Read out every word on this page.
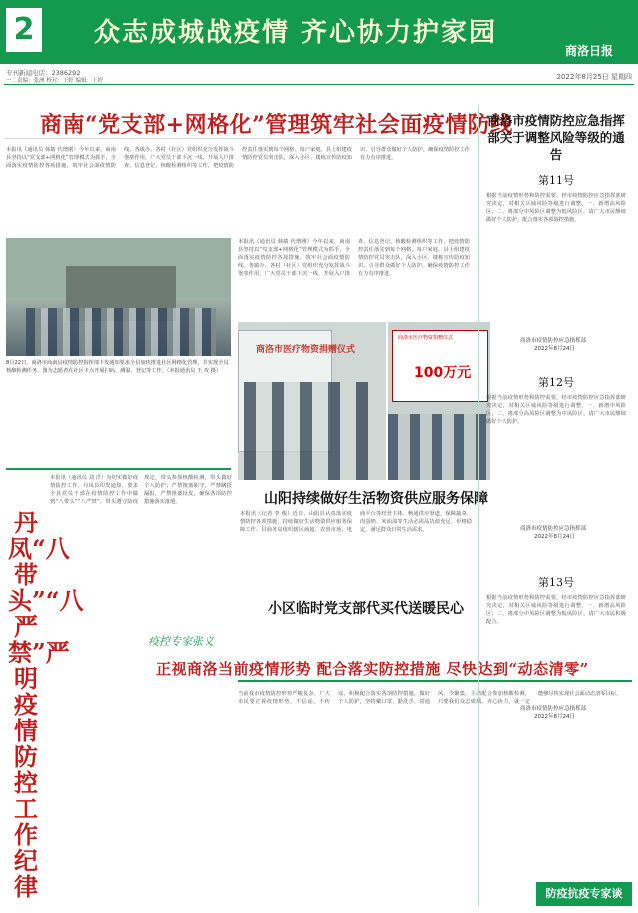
2 众志成城战疫情 齐心协力护家园
商洛日报
专刊新闻电话：2386292
一二责编：张洲 校对：王婷 编辑：王婷	2022年8月25日 星期四
商南“党支部+网格化”管理筑牢社会面疫情防线
本报讯（通讯员 韩婧 代增刚）今年以来，商南县坚持以“党支部+网格化”管理模式为抓手，全面落实疫情防控各项措施，筑牢社会面疫情防线。各镇办、各村（社区）党组织充分发挥战斗堡垒作用，广大党员干部下沉一线，开展入户排查、信息登记、核酸检测组织等工作，把疫情防控责任落实到每个网格、每户家庭。县上组建疫情防控党员突击队，深入小区、楼栋宣传防疫知识，引导群众做好个人防护，确保疫情防控工作有力有序推进。
8月22日，商洛市商南县疫情防控指挥部下发通知要求全县加快推进社区网格化管理，并实现全员核酸检测任务。图为志愿者在社区卡点开展扫码、测温、登记等工作。（本报通讯员 王 攻 摄）
本报讯（通讯员 韩婧 代增刚）今年以来，商南县坚持以“党支部+网格化”管理模式为抓手，全面落实疫情防控各项措施，筑牢社会面疫情防线。各镇办、各村（社区）党组织充分发挥战斗堡垒作用，广大党员干部下沉一线，开展入户排查、信息登记、核酸检测组织等工作，把疫情防控责任落实到每个网格、每户家庭。县上组建疫情防控党员突击队，深入小区、楼栋宣传防疫知识，引导群众做好个人防护，确保疫情防控工作有力有序推进。
商洛市医疗物资捐赠仪式
商洛市医疗物资捐赠仪式
100万元
丹凤“八带头”“八严禁”严明疫情防控工作纪律
本报讯（通讯员 刘 洋）为切实做好疫情防控工作，丹凤县印发通知，要求全县党员干部在疫情防控工作中做到“八带头”“八严禁”，带头遵守防疫规定，带头参加核酸检测，带头做好个人防护；严禁擅离职守，严禁瞒报漏报，严禁推诿扯皮，确保各项防控措施落实落地。	山阳持续做好生活物资供应服务保障
本报讯（记者 李 俊）近日，山阳县认真落实疫情防控各项措施，持续做好生活物资供应服务保障工作。县商务局组织辖区商超、农贸市场、电商平台等经营主体，畅通供应渠道，保障蔬菜、肉蛋奶、米面油等生活必需品货源充足、价格稳定，满足群众日常生活需求。
小区临时党支部代买代送暖民心
疫控专家张义
正视商洛当前疫情形势 配合落实防控措施 尽快达到“动态清零”
当前我市疫情防控形势严峻复杂，广大市民要正视疫情形势，不信谣、不传谣，积极配合落实各项防控措施，做好个人防护，坚持戴口罩、勤洗手、常通风、少聚集，主动配合参加核酸检测。只要我们众志成城、齐心协力，就一定能够尽快实现社会面动态清零目标。
商洛市疫情防控应急指挥部关于调整风险等级的通告
第11号
根据当前疫情形势和防控需要，经市疫情防控应急指挥部研究决定，对相关区域风险等级进行调整。一、新增高风险区；二、将部分中风险区调整为低风险区。请广大市民继续做好个人防护，配合落实各项防控措施。
商洛市疫情防控应急指挥部
2022年8月24日
第12号
根据当前疫情形势和防控需要，经市疫情防控应急指挥部研究决定，对相关区域风险等级进行调整。一、新增中风险区；二、将部分高风险区调整为中风险区。请广大市民继续做好个人防护。
商洛市疫情防控应急指挥部
2022年8月24日
第13号
根据当前疫情形势和防控需要，经市疫情防控应急指挥部研究决定，对相关区域风险等级进行调整。一、新增高风险区；二、将部分中风险区调整为低风险区。请广大市民积极配合。
商洛市疫情防控应急指挥部
2022年8月24日
防疫抗疫专家谈
